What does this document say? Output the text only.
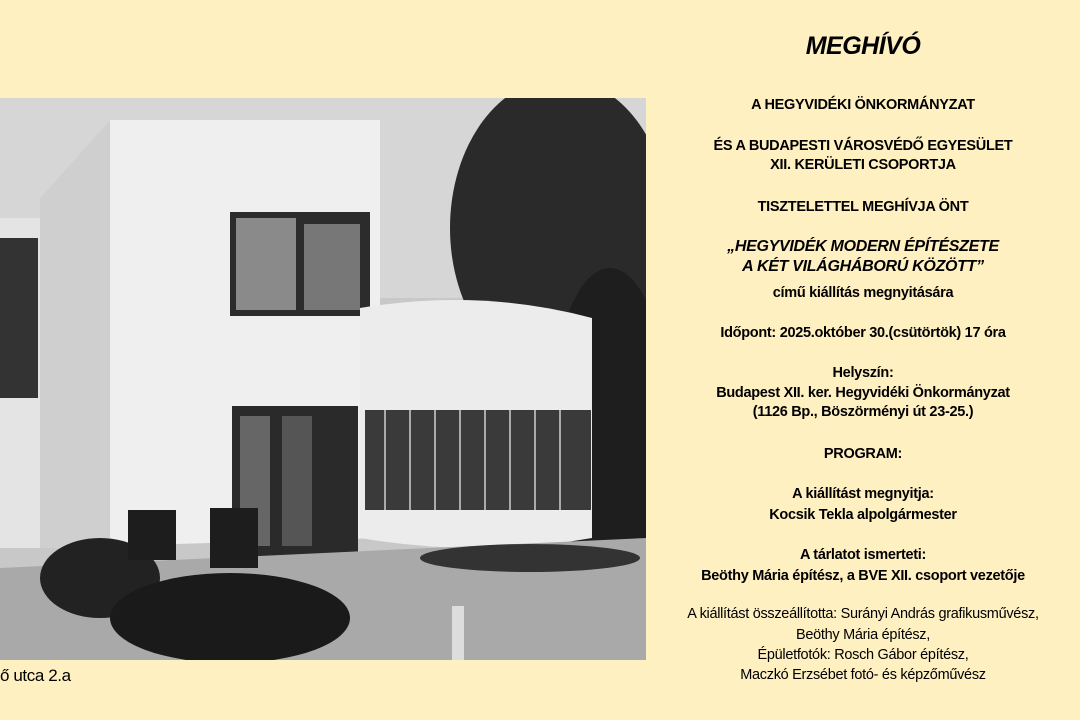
ő utca 2.a
MEGHÍVÓ
A HEGYVIDÉKI ÖNKORMÁNYZAT
ÉS A BUDAPESTI VÁROSVÉDŐ EGYESÜLET
XII. KERÜLETI CSOPORTJA
TISZTELETTEL MEGHÍVJA ÖNT
„HEGYVIDÉK MODERN ÉPÍTÉSZETE
A KÉT VILÁGHÁBORÚ KÖZÖTT”
című kiállítás megnyitására
Időpont: 2025.október 30.(csütörtök) 17 óra
Helyszín:
Budapest XII. ker. Hegyvidéki Önkormányzat
(1126 Bp., Böszörményi út 23-25.)
PROGRAM:
A kiállítást megnyitja:
Kocsik Tekla alpolgármester
A tárlatot ismerteti:
Beöthy Mária építész, a BVE XII. csoport vezetője
A kiállítást összeállította: Surányi András grafikusművész,
Beöthy Mária építész,
Épületfotók: Rosch Gábor építész,
Maczkó Erzsébet fotó- és képzőművész
